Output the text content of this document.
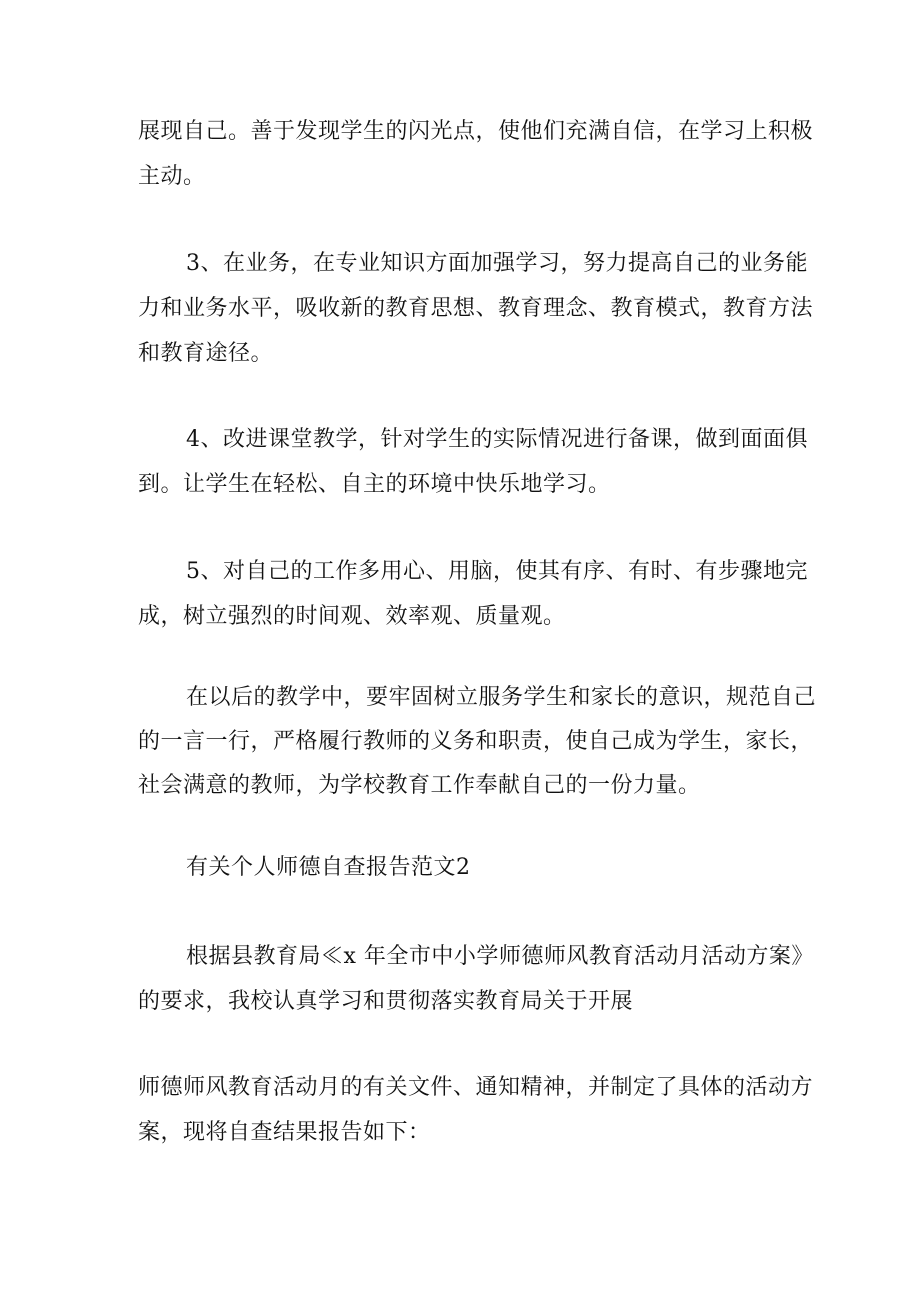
展现自己。善于发现学生的闪光点，使他们充满自信，在学习上积极

主动。

3、在业务，在专业知识方面加强学习，努力提高自己的业务能

力和业务水平，吸收新的教育思想、教育理念、教育模式，教育方法

和教育途径。

4、改进课堂教学，针对学生的实际情况进行备课，做到面面俱

到。让学生在轻松、自主的环境中快乐地学习。

5、对自己的工作多用心、用脑，使其有序、有时、有步骤地完

成，树立强烈的时间观、效率观、质量观。

在以后的教学中，要牢固树立服务学生和家长的意识，规范自己

的一言一行，严格履行教师的义务和职责，使自己成为学生，家长，

社会满意的教师，为学校教育工作奉献自己的一份力量。

有关个人师德自查报告范文2

根据县教育局≪x 年全市中小学师德师风教育活动月活动方案》

的要求，我校认真学习和贯彻落实教育局关于开展

师德师风教育活动月的有关文件、通知精神，并制定了具体的活动方

案，现将自查结果报告如下：
